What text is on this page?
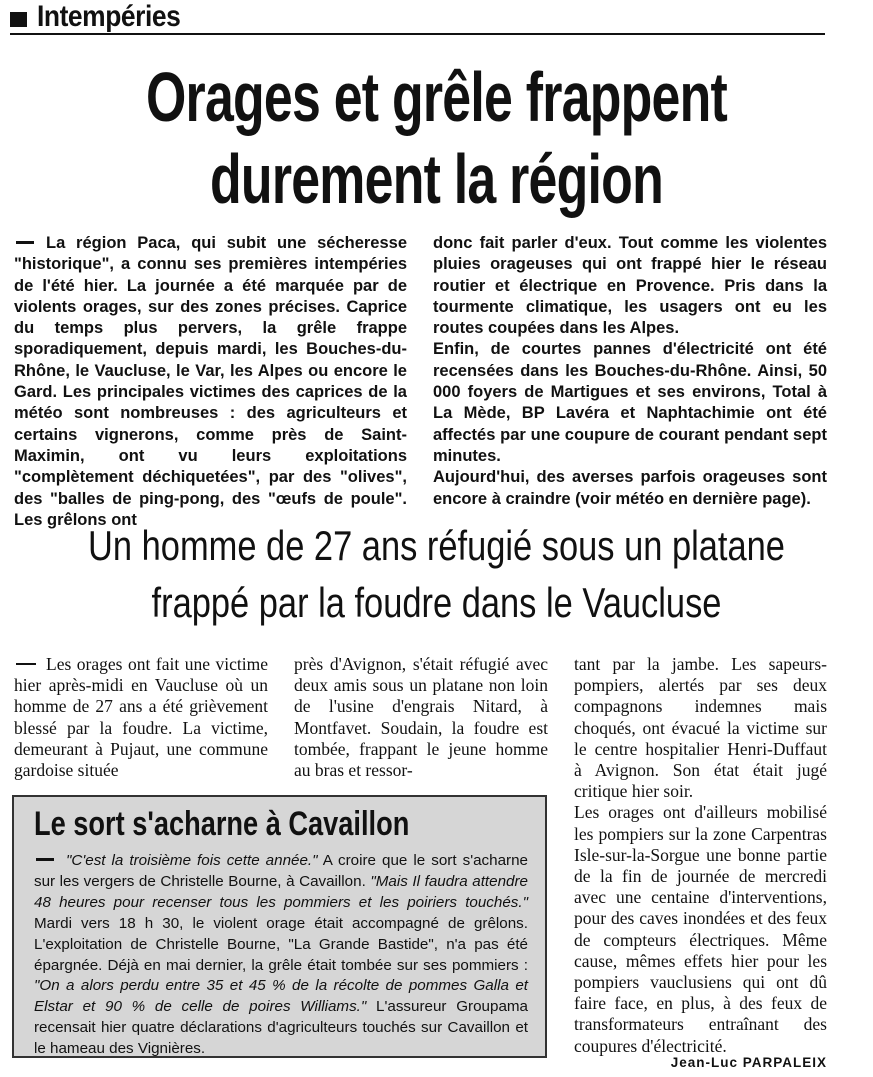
Intempéries
Orages et grêle frappent
durement la région

La région Paca, qui subit une sécheresse "historique", a connu ses premières intempéries de l'été hier. La journée a été marquée par de violents orages, sur des zones précises. Caprice du temps plus pervers, la grêle frappe sporadiquement, depuis mardi, les Bouches-du-Rhône, le Vaucluse, le Var, les Alpes ou encore le Gard. Les principales victimes des caprices de la météo sont nombreuses : des agriculteurs et certains vignerons, comme près de Saint-Maximin, ont vu leurs exploitations "complètement déchiquetées", par des "olives", des "balles de ping-pong, des "œufs de poule". Les grêlons ont

donc fait parler d'eux. Tout comme les violentes pluies orageuses qui ont frappé hier le réseau routier et électrique en Provence. Pris dans la tourmente climatique, les usagers ont eu les routes coupées dans les Alpes.

Enfin, de courtes pannes d'électricité ont été recensées dans les Bouches-du-Rhône. Ainsi, 50 000 foyers de Martigues et ses environs, Total à La Mède, BP Lavéra et Naphtachimie ont été affectés par une coupure de courant pendant sept minutes.

Aujourd'hui, des averses parfois orageuses sont encore à craindre (voir météo en dernière page).

Un homme de 27 ans réfugié sous un platane
frappé par la foudre dans le Vaucluse

Les orages ont fait une victime hier après-midi en Vaucluse où un homme de 27 ans a été grièvement blessé par la foudre. La victime, demeurant à Pujaut, une commune gardoise située

près d'Avignon, s'était réfugié avec deux amis sous un platane non loin de l'usine d'engrais Nitard, à Montfavet. Soudain, la foudre est tombée, frappant le jeune homme au bras et ressor-

tant par la jambe. Les sapeurs-pompiers, alertés par ses deux compagnons indemnes mais choqués, ont évacué la victime sur le centre hospitalier Henri-Duffaut à Avignon. Son état était jugé critique hier soir.

Les orages ont d'ailleurs mobilisé les pompiers sur la zone Carpentras Isle-sur-la-Sorgue une bonne partie de la fin de journée de mercredi avec une centaine d'interventions, pour des caves inondées et des feux de compteurs électriques. Même cause, mêmes effets hier pour les pompiers vauclusiens qui ont dû faire face, en plus, à des feux de transformateurs entraînant des coupures d'électricité.

Le sort s'acharne à Cavaillon

"C'est la troisième fois cette année." A croire que le sort s'acharne sur les vergers de Christelle Bourne, à Cavaillon. "Mais Il faudra attendre 48 heures pour recenser tous les pommiers et les poiriers touchés." Mardi vers 18 h 30, le violent orage était accompagné de grêlons. L'exploitation de Christelle Bourne, "La Grande Bastide", n'a pas été épargnée. Déjà en mai dernier, la grêle était tombée sur ses pommiers : "On a alors perdu entre 35 et 45 % de la récolte de pommes Galla et Elstar et 90 % de celle de poires Williams." L'assureur Groupama recensait hier quatre déclarations d'agriculteurs touchés sur Cavaillon et le hameau des Vignières.

Jean-Luc PARPALEIX
